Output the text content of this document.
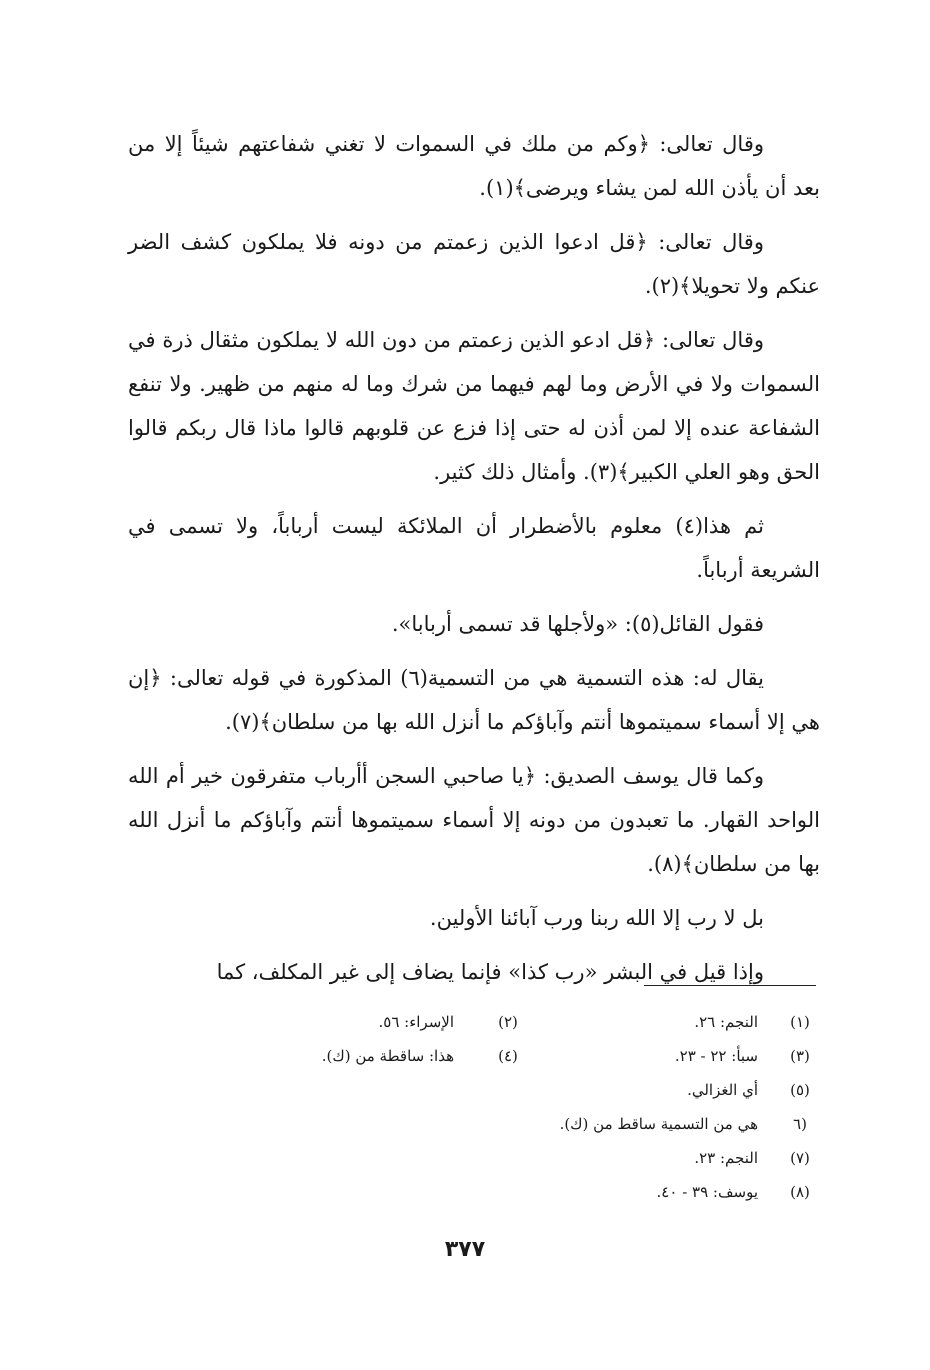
وقال تعالى: ﴿وكم من ملك في السموات لا تغني شفاعتهم شيئاً إلا من بعد أن يأذن الله لمن يشاء ويرضى﴾(١).

وقال تعالى: ﴿قل ادعوا الذين زعمتم من دونه فلا يملكون كشف الضر عنكم ولا تحويلا﴾(٢).

وقال تعالى: ﴿قل ادعو الذين زعمتم من دون الله لا يملكون مثقال ذرة في السموات ولا في الأرض وما لهم فيهما من شرك وما له منهم من ظهير. ولا تنفع الشفاعة عنده إلا لمن أذن له حتى إذا فزع عن قلوبهم قالوا ماذا قال ربكم قالوا الحق وهو العلي الكبير﴾(٣). وأمثال ذلك كثير.

ثم هذا(٤) معلوم بالأضطرار أن الملائكة ليست أرباباً، ولا تسمى في الشريعة أرباباً.

فقول القائل(٥): «ولأجلها قد تسمى أربابا».

يقال له: هذه التسمية هي من التسمية(٦) المذكورة في قوله تعالى: ﴿إن هي إلا أسماء سميتموها أنتم وآباؤكم ما أنزل الله بها من سلطان﴾(٧).

وكما قال يوسف الصديق: ﴿يا صاحبي السجن أأرباب متفرقون خير أم الله الواحد القهار. ما تعبدون من دونه إلا أسماء سميتموها أنتم وآباؤكم ما أنزل الله بها من سلطان﴾(٨).

بل لا رب إلا الله ربنا ورب آبائنا الأولين.

وإذا قيل في البشر «رب كذا» فإنما يضاف إلى غير المكلف، كما

(١)
النجم: ٢٦.
(٢)
الإسراء: ٥٦.
(٣)
سبأ: ٢٢ - ٢٣.
(٤)
هذا: ساقطة من (ك).
(٥)
أي الغزالي.
(٦
هي من التسمية ساقط من (ك).
(٧)
النجم: ٢٣.
(٨)
يوسف: ٣٩ - ٤٠.
٣٧٧
